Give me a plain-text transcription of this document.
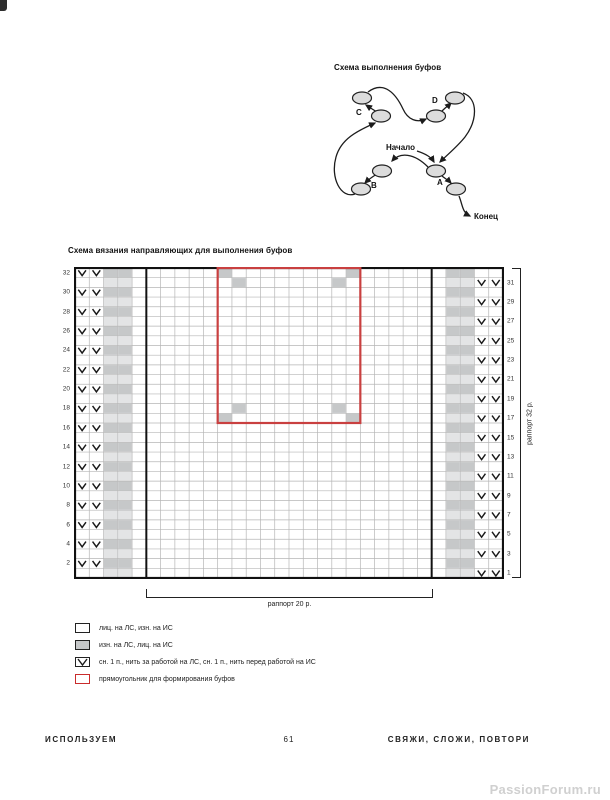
Схема выполнения буфов
C
D
B	A
Начало
Конец
Схема вязания направляющих для выполнения буфов
32
30
28
26
24
22
20
18
16
14
12
10
8
6
4
2
31
29
27
25
23
21
19
17
15
13
11
9
7
5
3
1
раппорт 20 р.
раппорт 32 р.
лиц. на ЛС, изн. на ИС
изн. на ЛС, лиц. на ИС
сн. 1 п., нить за работой на ЛС, сн. 1 п., нить перед работой на ИС
прямоугольник для формирования буфов
ИСПОЛЬЗУЕМ	61	СВЯЖИ, СЛОЖИ, ПОВТОРИ
PassionForum.ru
